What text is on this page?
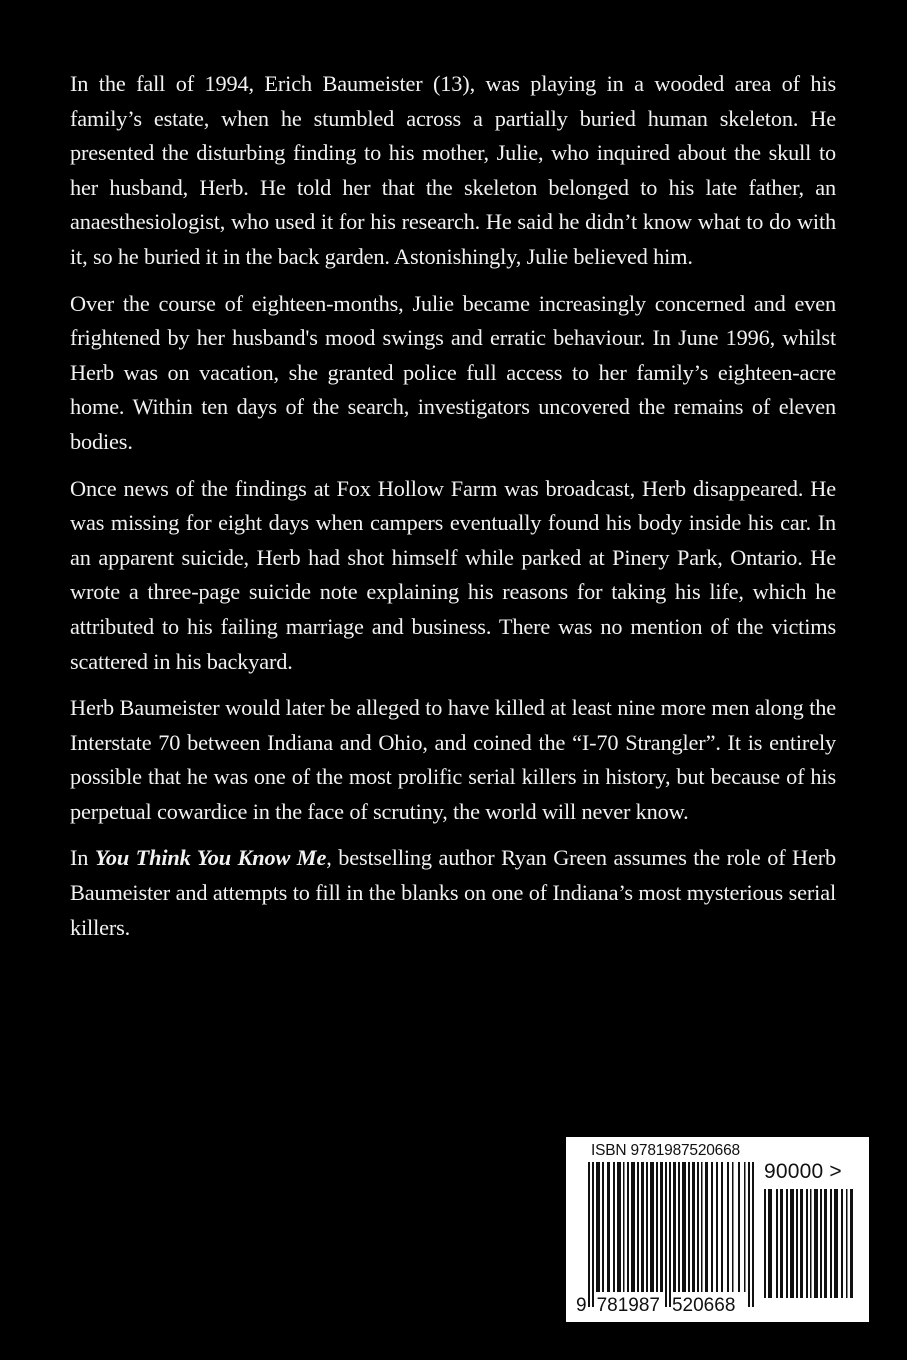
In the fall of 1994, Erich Baumeister (13), was playing in a wooded area of his family’s estate, when he stumbled across a partially buried human skeleton. He presented the disturbing finding to his mother, Julie, who inquired about the skull to her husband, Herb. He told her that the skeleton belonged to his late father, an anaesthesiologist, who used it for his research. He said he didn’t know what to do with it, so he buried it in the back garden. Astonishingly, Julie believed him.

Over the course of eighteen-months, Julie became increasingly concerned and even frightened by her husband's mood swings and erratic behaviour. In June 1996, whilst Herb was on vacation, she granted police full access to her family’s eighteen-acre home. Within ten days of the search, investigators uncovered the remains of eleven bodies.

Once news of the findings at Fox Hollow Farm was broadcast, Herb disappeared. He was missing for eight days when campers eventually found his body inside his car. In an apparent suicide, Herb had shot himself while parked at Pinery Park, Ontario. He wrote a three-page suicide note explaining his reasons for taking his life, which he attributed to his failing marriage and business. There was no mention of the victims scattered in his backyard.

Herb Baumeister would later be alleged to have killed at least nine more men along the Interstate 70 between Indiana and Ohio, and coined the “I-70 Strangler”. It is entirely possible that he was one of the most prolific serial killers in history, but because of his perpetual cowardice in the face of scrutiny, the world will never know.

In You Think You Know Me, bestselling author Ryan Green assumes the role of Herb Baumeister and attempts to fill in the blanks on one of Indiana’s most mysterious serial killers.

ISBN 9781987520668
90000 >
9 781987 520668
